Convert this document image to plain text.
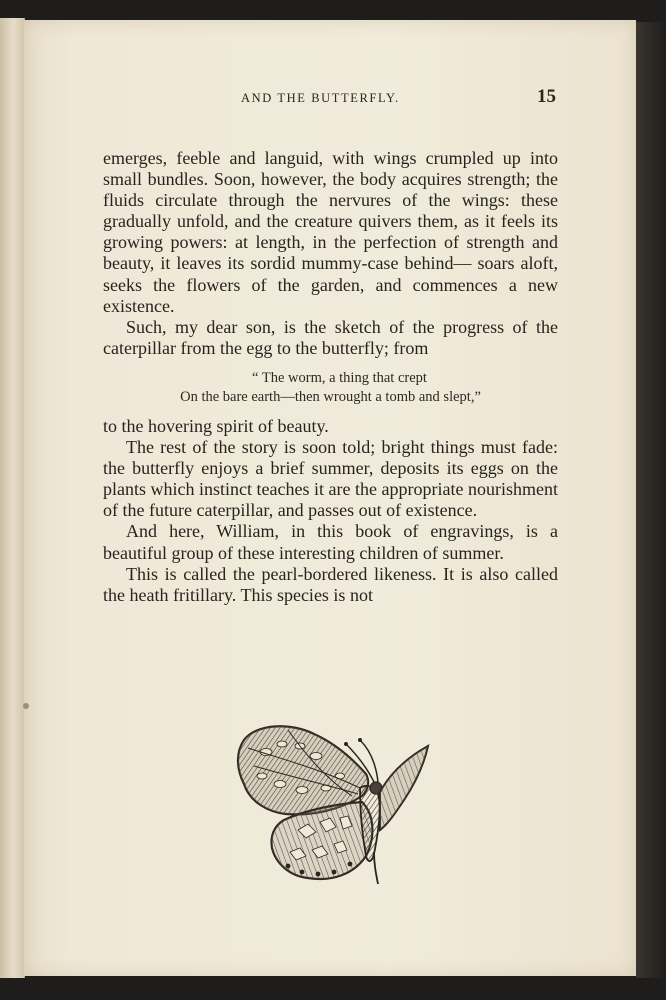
AND THE BUTTERFLY.	15

emerges, feeble and languid, with wings crumpled up into small bundles. Soon, however, the body acquires strength; the fluids circulate through the nervures of the wings: these gradually unfold, and the creature quivers them, as it feels its growing powers: at length, in the perfection of strength and beauty, it leaves its sordid mummy-case behind— soars aloft, seeks the flowers of the garden, and commences a new existence.

Such, my dear son, is the sketch of the progress of the caterpillar from the egg to the butterfly; from

“ The worm, a thing that crept
On the bare earth—then wrought a tomb and slept,”

to the hovering spirit of beauty.

The rest of the story is soon told; bright things must fade: the butterfly enjoys a brief summer, deposits its eggs on the plants which instinct teaches it are the appropriate nourishment of the future caterpillar, and passes out of existence.

And here, William, in this book of engravings, is a beautiful group of these interesting children of summer.

This is called the pearl-bordered likeness. It is also called the heath fritillary. This species is not
